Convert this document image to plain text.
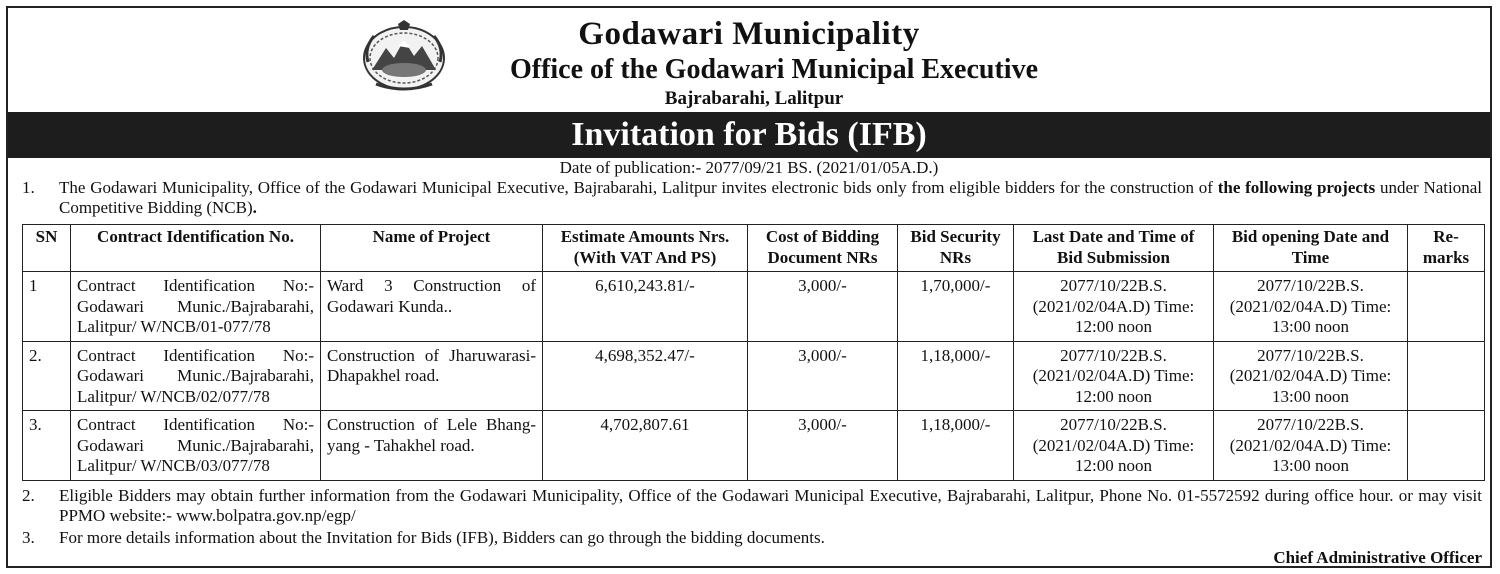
Godawari Municipality
Office of the Godawari Municipal Executive
Bajrabarahi, Lalitpur
Invitation for Bids (IFB)
Date of publication:- 2077/09/21 BS. (2021/01/05A.D.)
1. The Godawari Municipality, Office of the Godawari Municipal Executive, Bajrabarahi, Lalitpur invites electronic bids only from eligible bidders for the construction of the following projects under National Competitive Bidding (NCB).
SN	Contract Identification No.	Name of Project	Estimate Amounts Nrs. (With VAT And PS)	Cost of Bidding Document NRs	Bid Security NRs	Last Date and Time of Bid Submission	Bid opening Date and Time	Re-marks
1	Contract Identification No:- Godawari Munic./Bajrabarahi, Lalitpur/ W/NCB/01-077/78	Ward 3 Construction of Godawari Kunda..	6,610,243.81/-	3,000/-	1,70,000/-	2077/10/22B.S. (2021/02/04A.D) Time: 12:00 noon	2077/10/22B.S. (2021/02/04A.D) Time: 13:00 noon	
2.	Contract Identification No:- Godawari Munic./Bajrabarahi, Lalitpur/ W/NCB/02/077/78	Construction of Jharuwarasi-Dhapakhel road.	4,698,352.47/-	3,000/-	1,18,000/-	2077/10/22B.S. (2021/02/04A.D) Time: 12:00 noon	2077/10/22B.S. (2021/02/04A.D) Time: 13:00 noon	
3.	Contract Identification No:- Godawari Munic./Bajrabarahi, Lalitpur/ W/NCB/03/077/78	Construction of Lele Bhang-yang - Tahakhel road.	4,702,807.61	3,000/-	1,18,000/-	2077/10/22B.S. (2021/02/04A.D) Time: 12:00 noon	2077/10/22B.S. (2021/02/04A.D) Time: 13:00 noon	
2. Eligible Bidders may obtain further information from the Godawari Municipality, Office of the Godawari Municipal Executive, Bajrabarahi, Lalitpur, Phone No. 01-5572592 during office hour. or may visit PPMO website:- www.bolpatra.gov.np/egp/
3. For more details information about the Invitation for Bids (IFB), Bidders can go through the bidding documents.
Chief Administrative Officer
